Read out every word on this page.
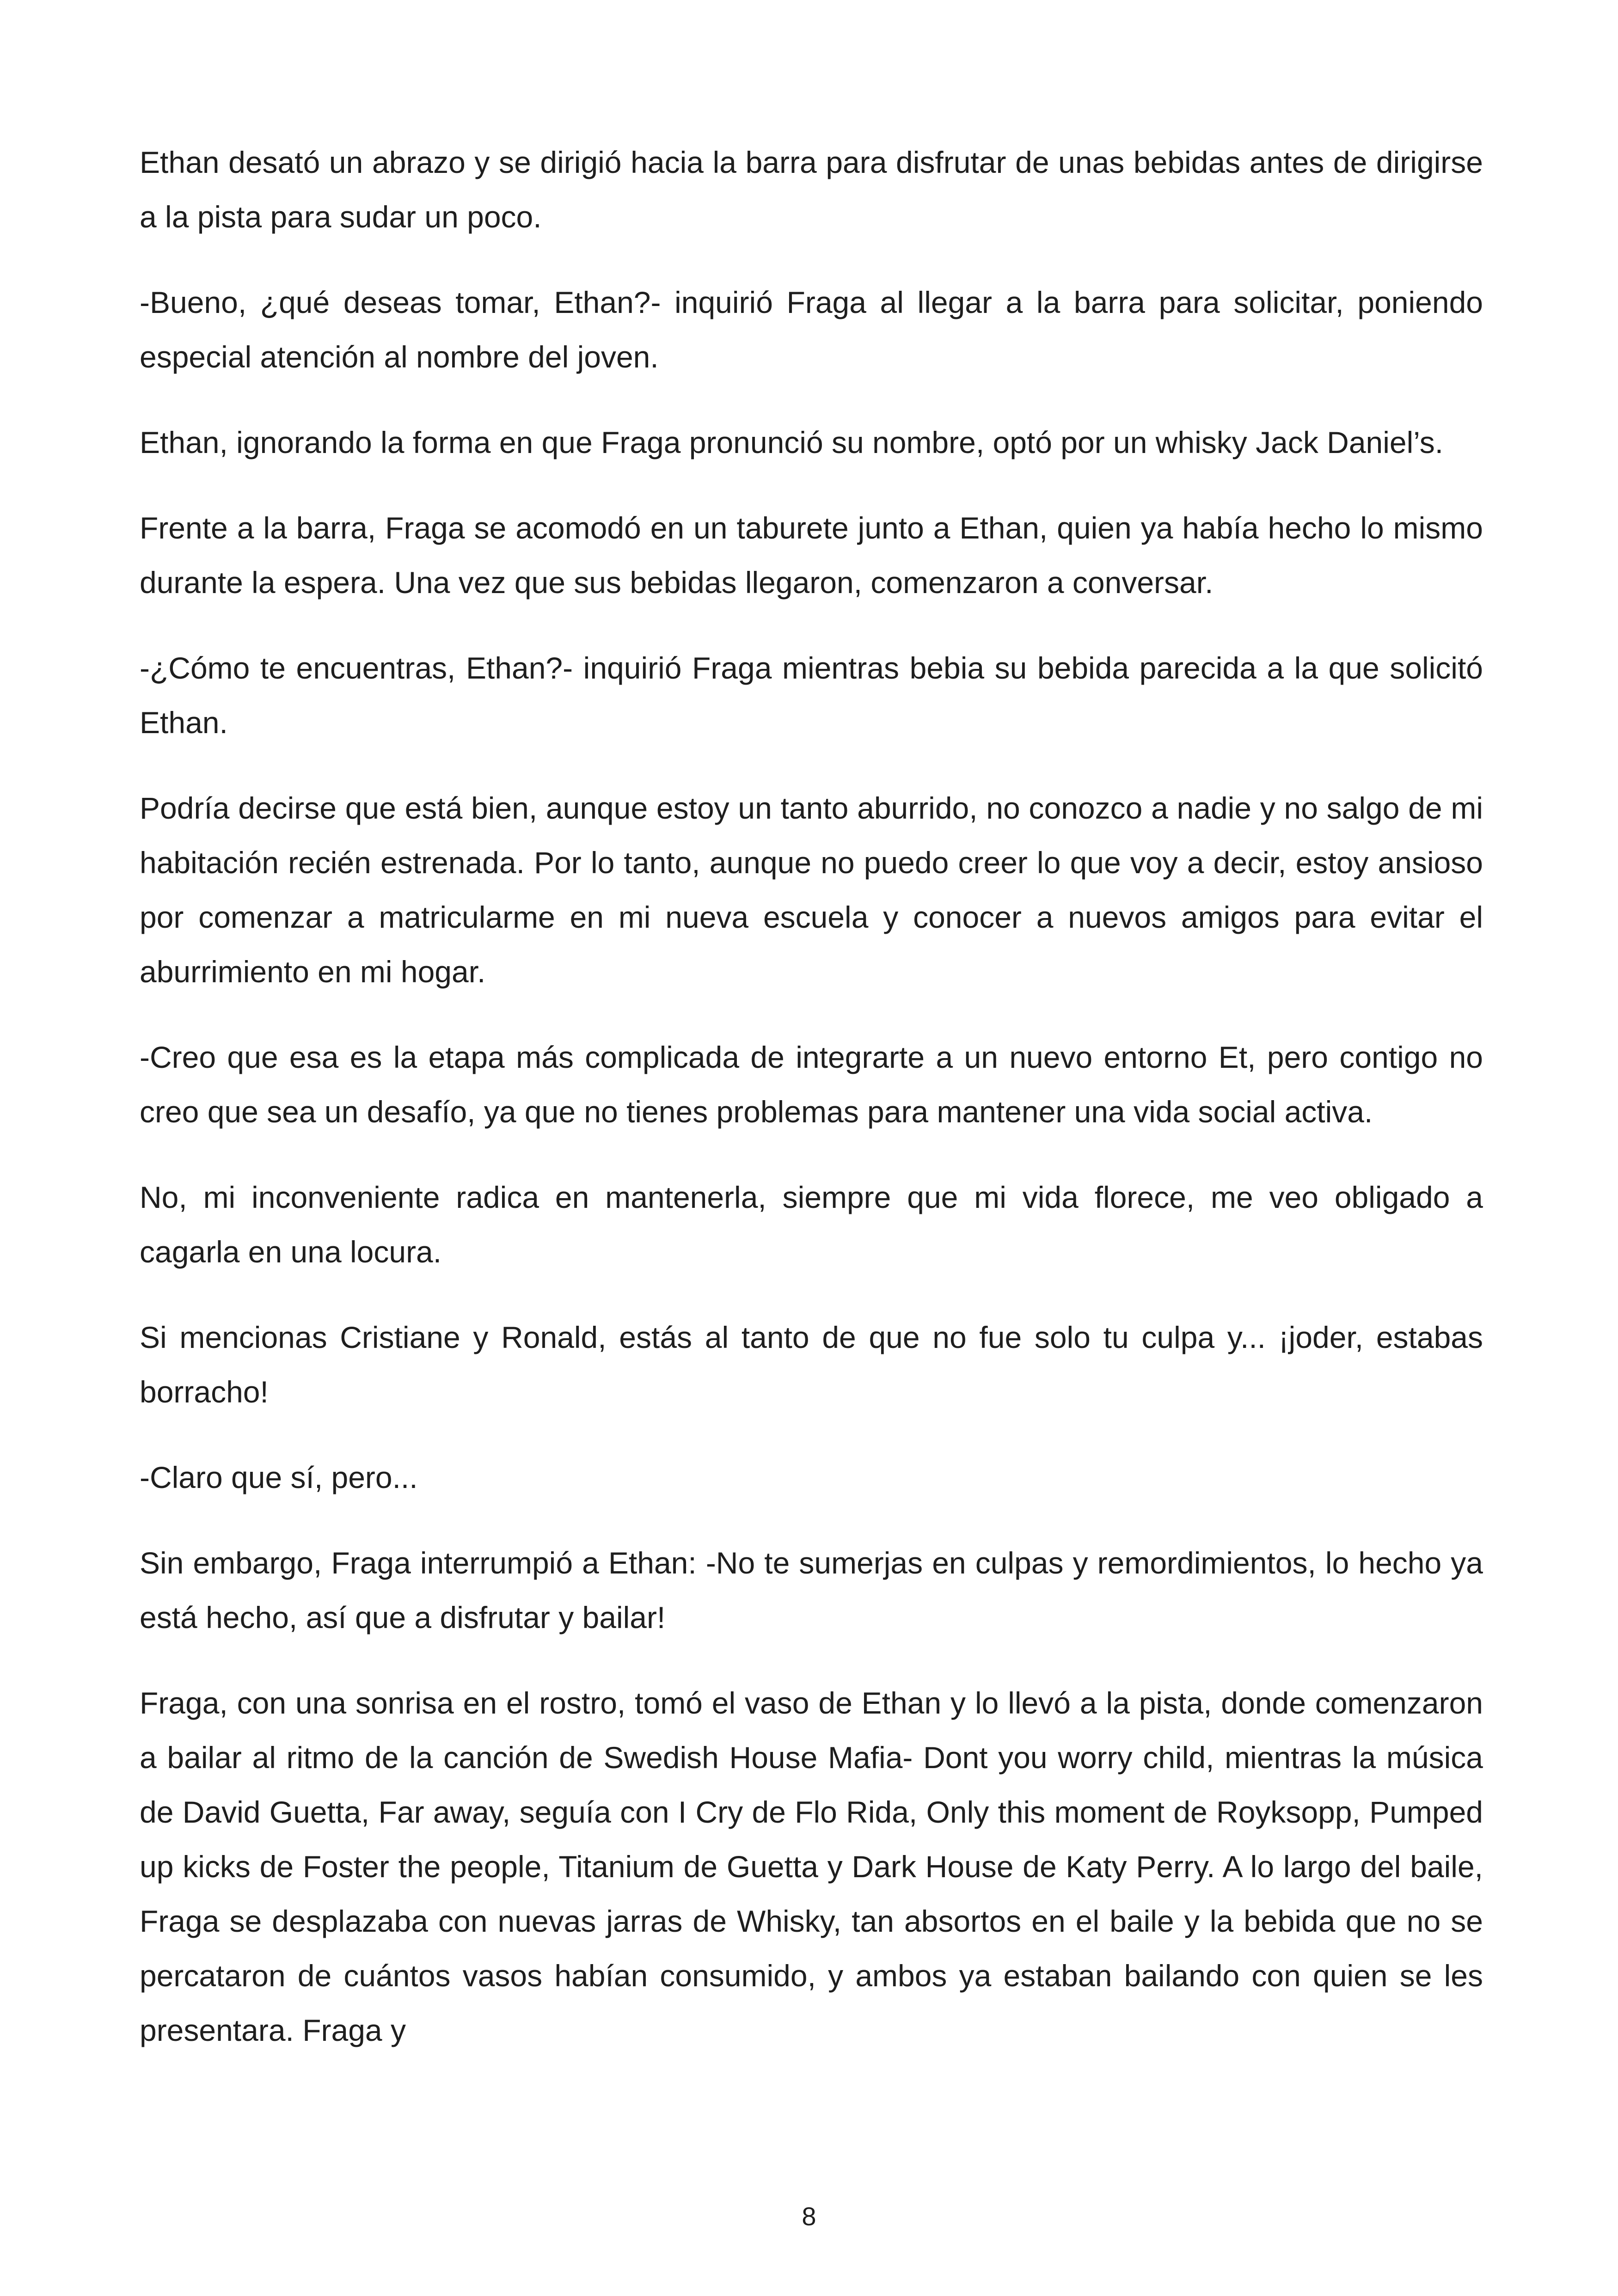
Ethan desató un abrazo y se dirigió hacia la barra para disfrutar de unas bebidas antes de dirigirse a la pista para sudar un poco.

-Bueno, ¿qué deseas tomar, Ethan?- inquirió Fraga al llegar a la barra para solicitar, poniendo especial atención al nombre del joven.

Ethan, ignorando la forma en que Fraga pronunció su nombre, optó por un whisky Jack Daniel’s.

Frente a la barra, Fraga se acomodó en un taburete junto a Ethan, quien ya había hecho lo mismo durante la espera. Una vez que sus bebidas llegaron, comenzaron a conversar.

-¿Cómo te encuentras, Ethan?- inquirió Fraga mientras bebia su bebida parecida a la que solicitó Ethan.

Podría decirse que está bien, aunque estoy un tanto aburrido, no conozco a nadie y no salgo de mi habitación recién estrenada. Por lo tanto, aunque no puedo creer lo que voy a decir, estoy ansioso por comenzar a matricularme en mi nueva escuela y conocer a nuevos amigos para evitar el aburrimiento en mi hogar.

-Creo que esa es la etapa más complicada de integrarte a un nuevo entorno Et, pero contigo no creo que sea un desafío, ya que no tienes problemas para mantener una vida social activa.

No, mi inconveniente radica en mantenerla, siempre que mi vida florece, me veo obligado a cagarla en una locura.

Si mencionas Cristiane y Ronald, estás al tanto de que no fue solo tu culpa y... ¡joder, estabas borracho!

-Claro que sí, pero...

Sin embargo, Fraga interrumpió a Ethan: -No te sumerjas en culpas y remordimientos, lo hecho ya está hecho, así que a disfrutar y bailar!

Fraga, con una sonrisa en el rostro, tomó el vaso de Ethan y lo llevó a la pista, donde comenzaron a bailar al ritmo de la canción de Swedish House Mafia- Dont you worry child, mientras la música de David Guetta, Far away, seguía con I Cry de Flo Rida, Only this moment de Royksopp, Pumped up kicks de Foster the people, Titanium de Guetta y Dark House de Katy Perry. A lo largo del baile, Fraga se desplazaba con nuevas jarras de Whisky, tan absortos en el baile y la bebida que no se percataron de cuántos vasos habían consumido, y ambos ya estaban bailando con quien se les presentara. Fraga y

8
